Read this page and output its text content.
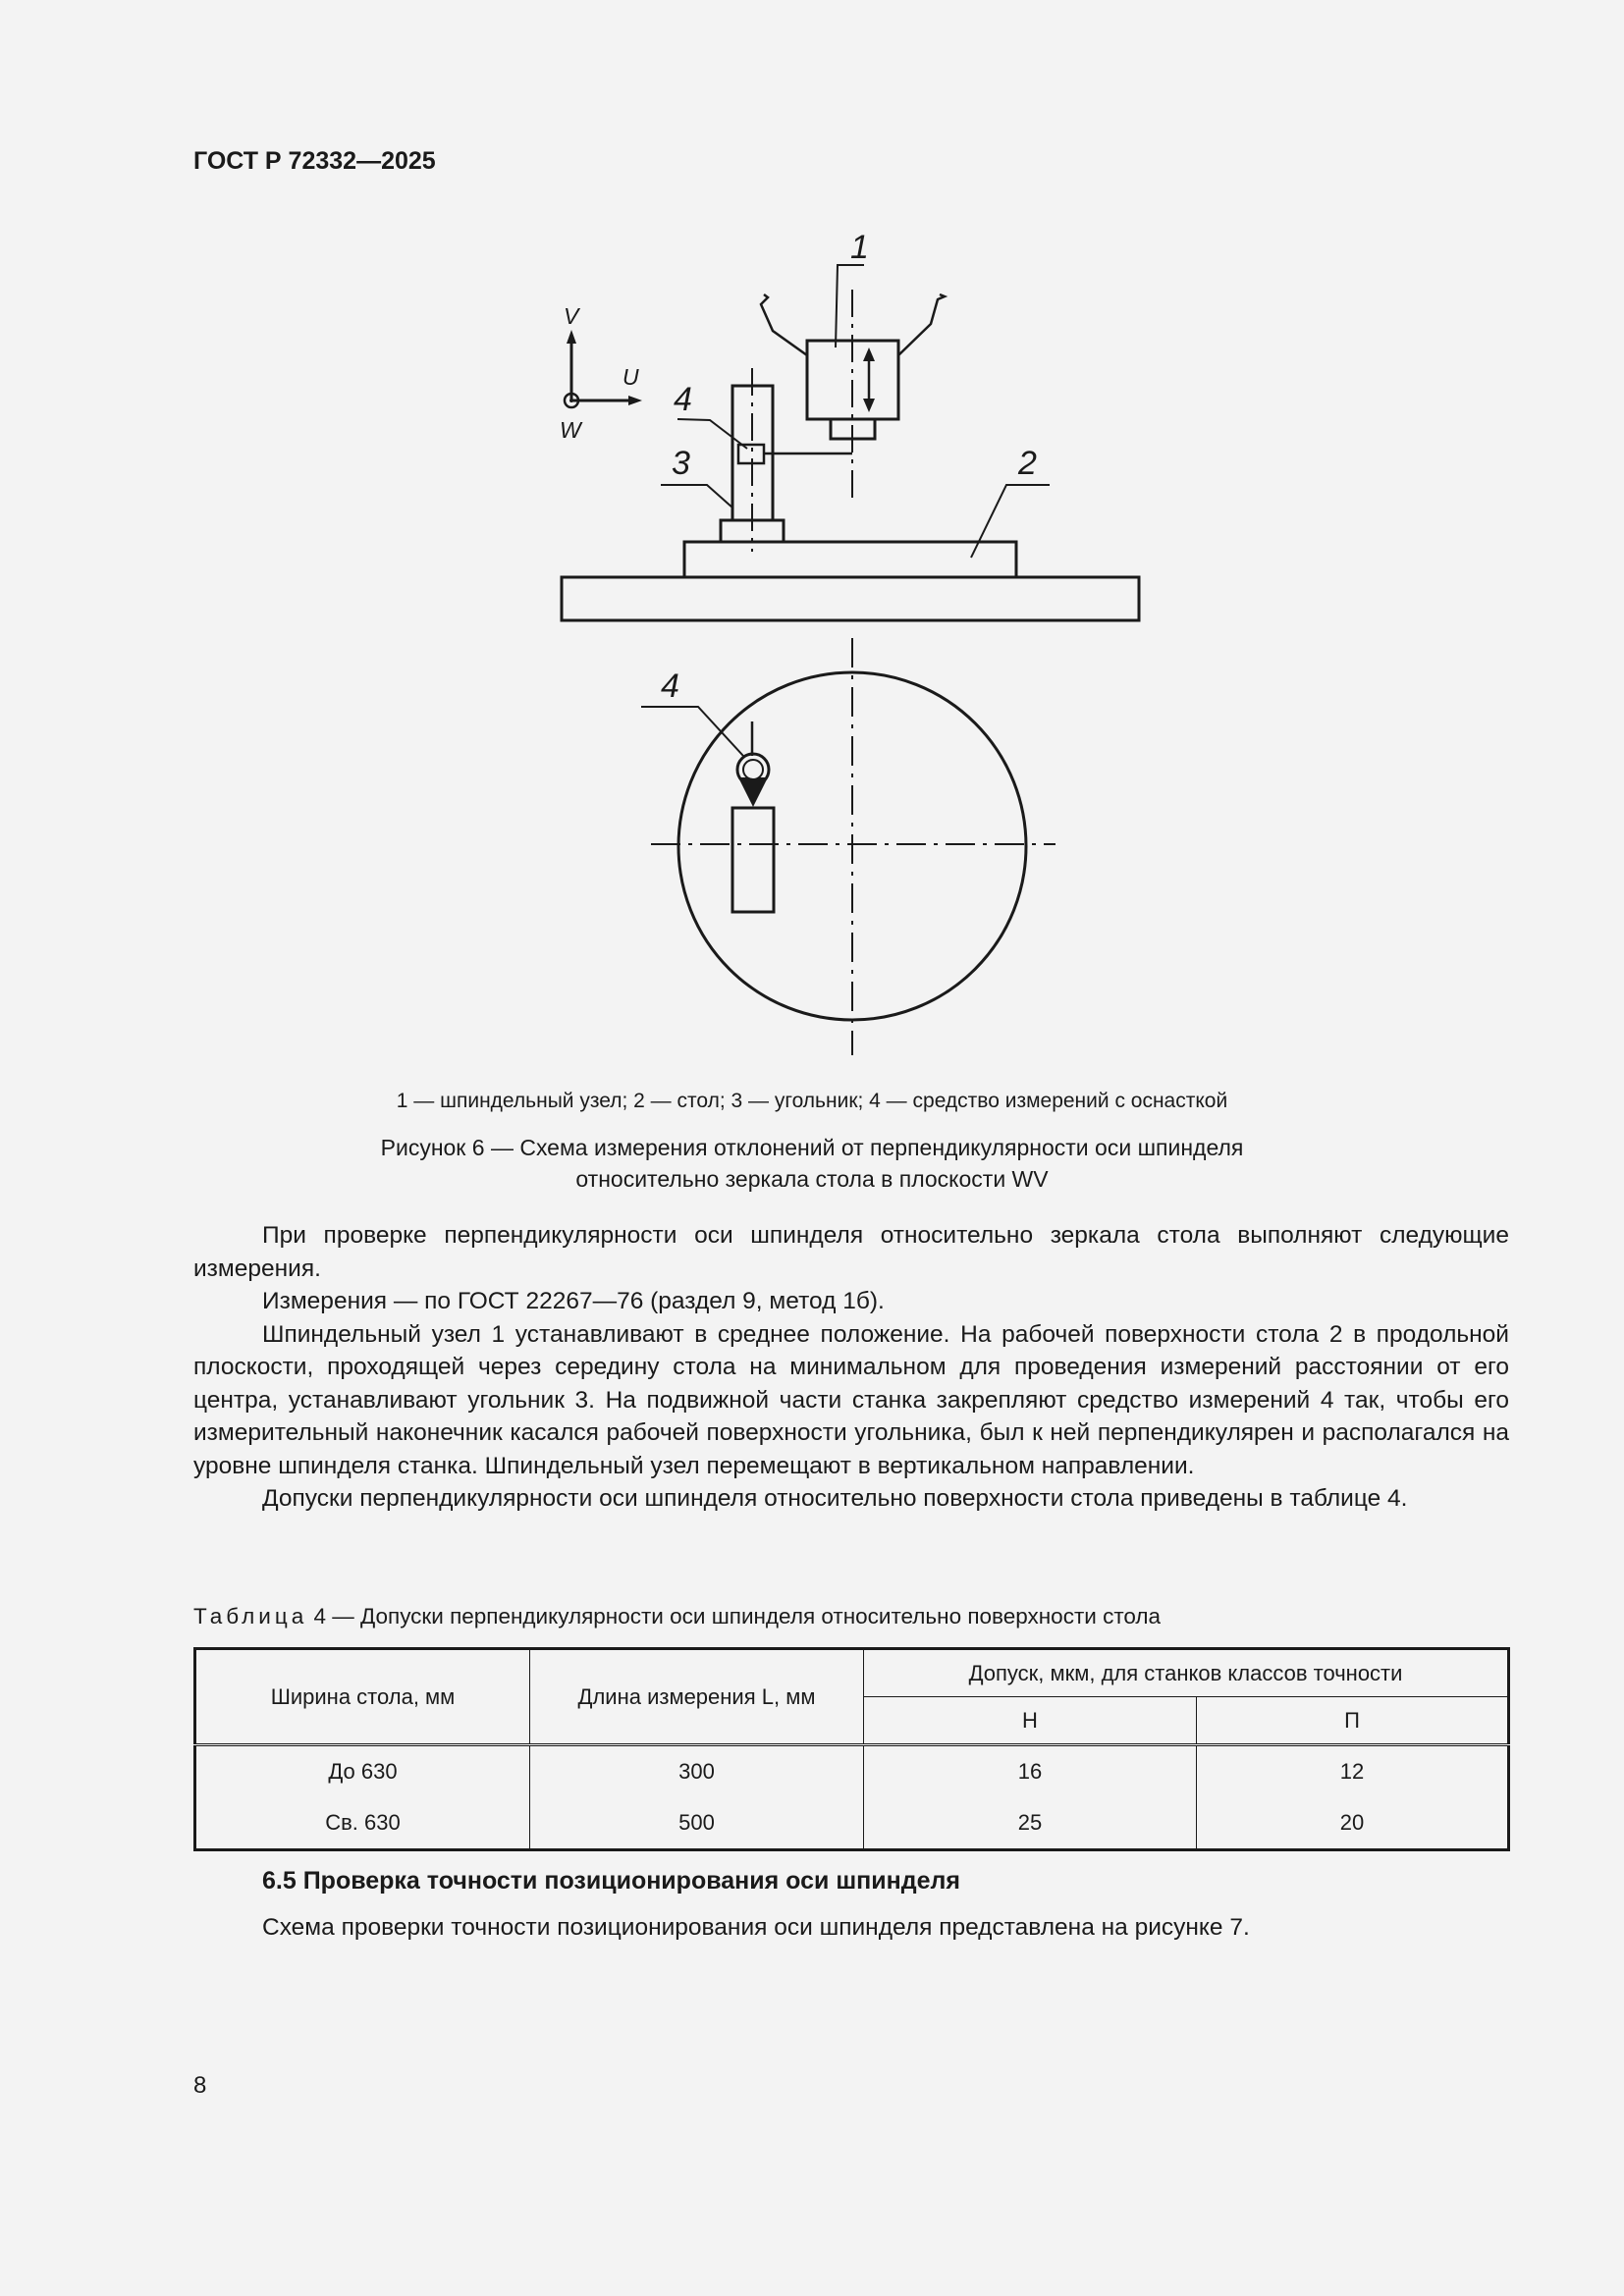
ГОСТ Р 72332—2025
1
2
3
4
4
V
U
W
1 — шпиндельный узел; 2 — стол; 3 — угольник; 4 — средство измерений с оснасткой
Рисунок 6 — Схема измерения отклонений от перпендикулярности оси шпинделя
относительно зеркала стола в плоскости WV

При проверке перпендикулярности оси шпинделя относительно зеркала стола выполняют следующие измерения.

Измерения — по ГОСТ 22267—76 (раздел 9, метод 1б).

Шпиндельный узел 1 устанавливают в среднее положение. На рабочей поверхности стола 2 в продольной плоскости, проходящей через середину стола на минимальном для проведения измерений расстоянии от его центра, устанавливают угольник 3. На подвижной части станка закрепляют средство измерений 4 так, чтобы его измерительный наконечник касался рабочей поверхности угольника, был к ней перпендикулярен и располагался на уровне шпинделя станка. Шпиндельный узел перемещают в вертикальном направлении.

Допуски перпендикулярности оси шпинделя относительно поверхности стола приведены в таблице 4.

Таблица 4 — Допуски перпендикулярности оси шпинделя относительно поверхности стола
Ширина стола, мм	Длина измерения L, мм	Допуск, мкм, для станков классов точности	
		Н	П
До 630	300	16	12
Св. 630	500	25	20
6.5 Проверка точности позиционирования оси шпинделя
Схема проверки точности позиционирования оси шпинделя представлена на рисунке 7.
8
